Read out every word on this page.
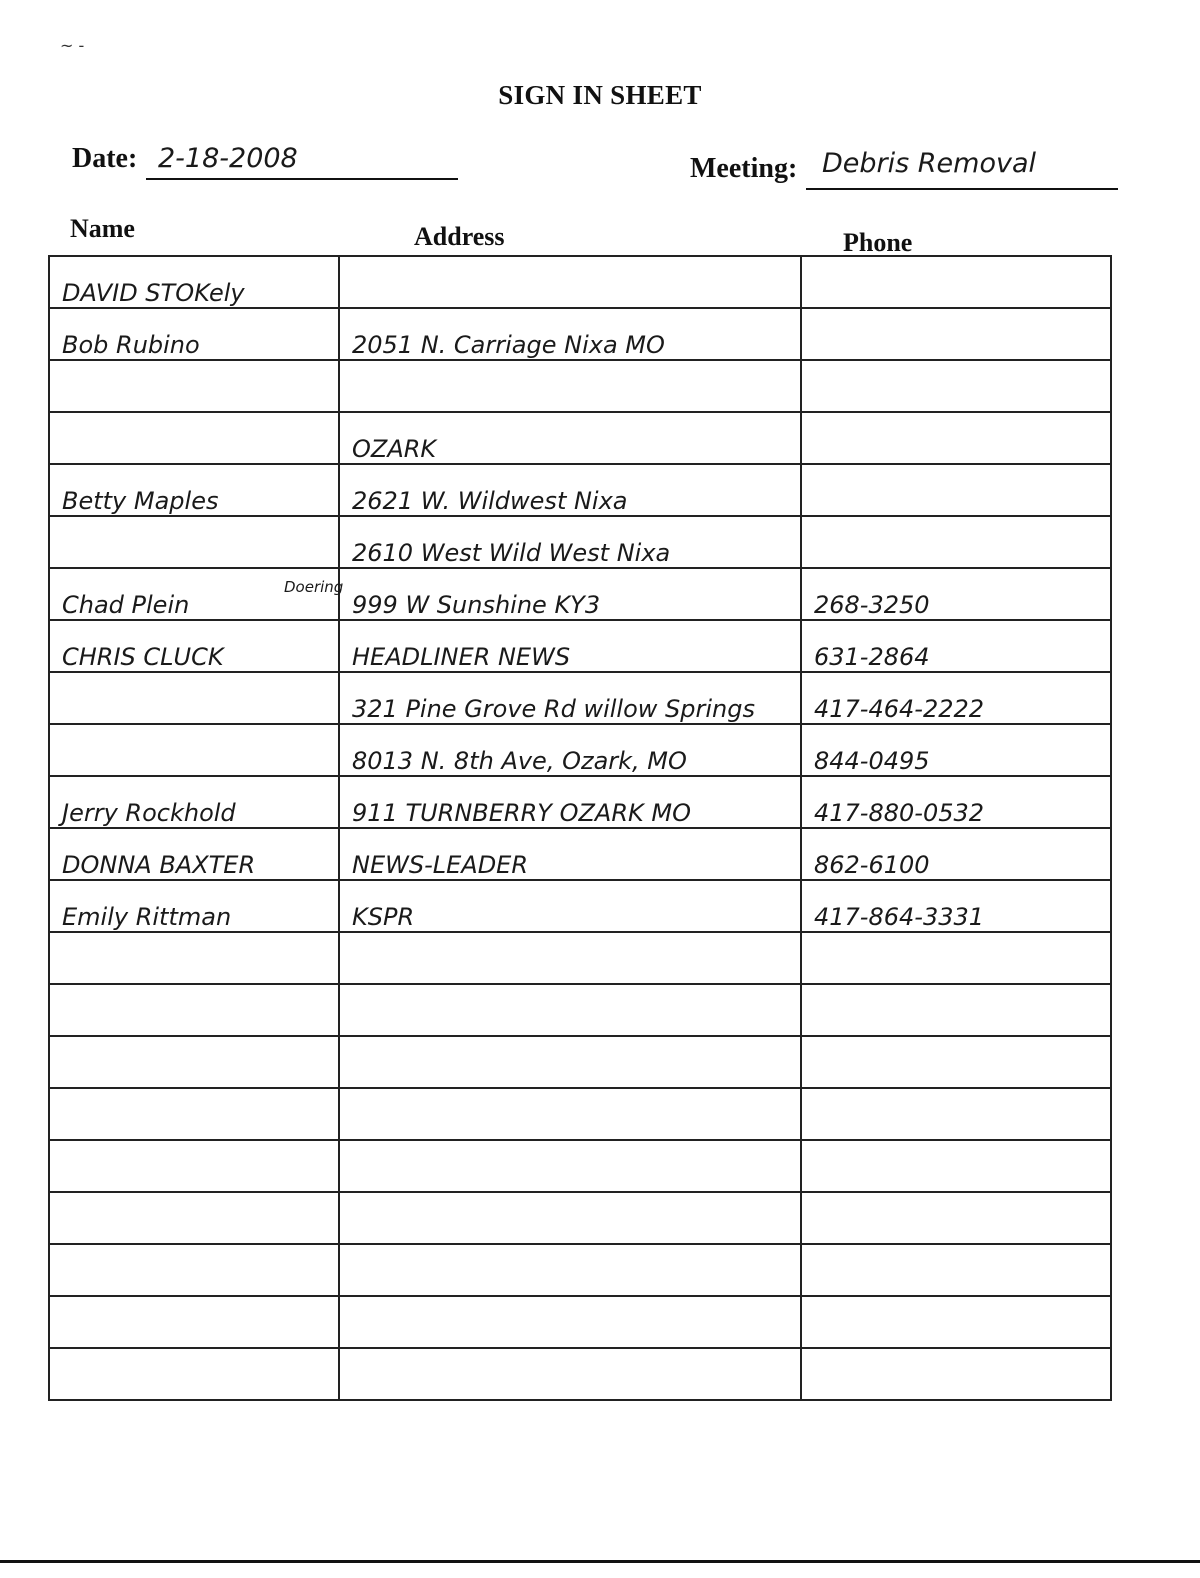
SIGN IN SHEET
Date: 2-18-2008	Meeting: Debris Removal
Name	Address	Phone
DAVID STOKely		
Bob Rubino	2051 N. Carriage Nixa MO	

	OZARK	
Betty Maples	2621 W. Wildwest Nixa	
	2610 West Wild West Nixa	
Chad Plein	999 W Sunshine KY3	268-3250
CHRIS CLUCK	HEADLINER NEWS	631-2864
	321 Pine Grove Rd willow Springs	417-464-2222
	8013 N. 8th Ave, Ozark, MO	844-0495
Jerry Rockhold	911 TURNBERRY OZARK MO	417-880-0532
DONNA BAXTER	NEWS-LEADER	862-6100
Emily Rittman	KSPR	417-864-3331

Doering
~ -
